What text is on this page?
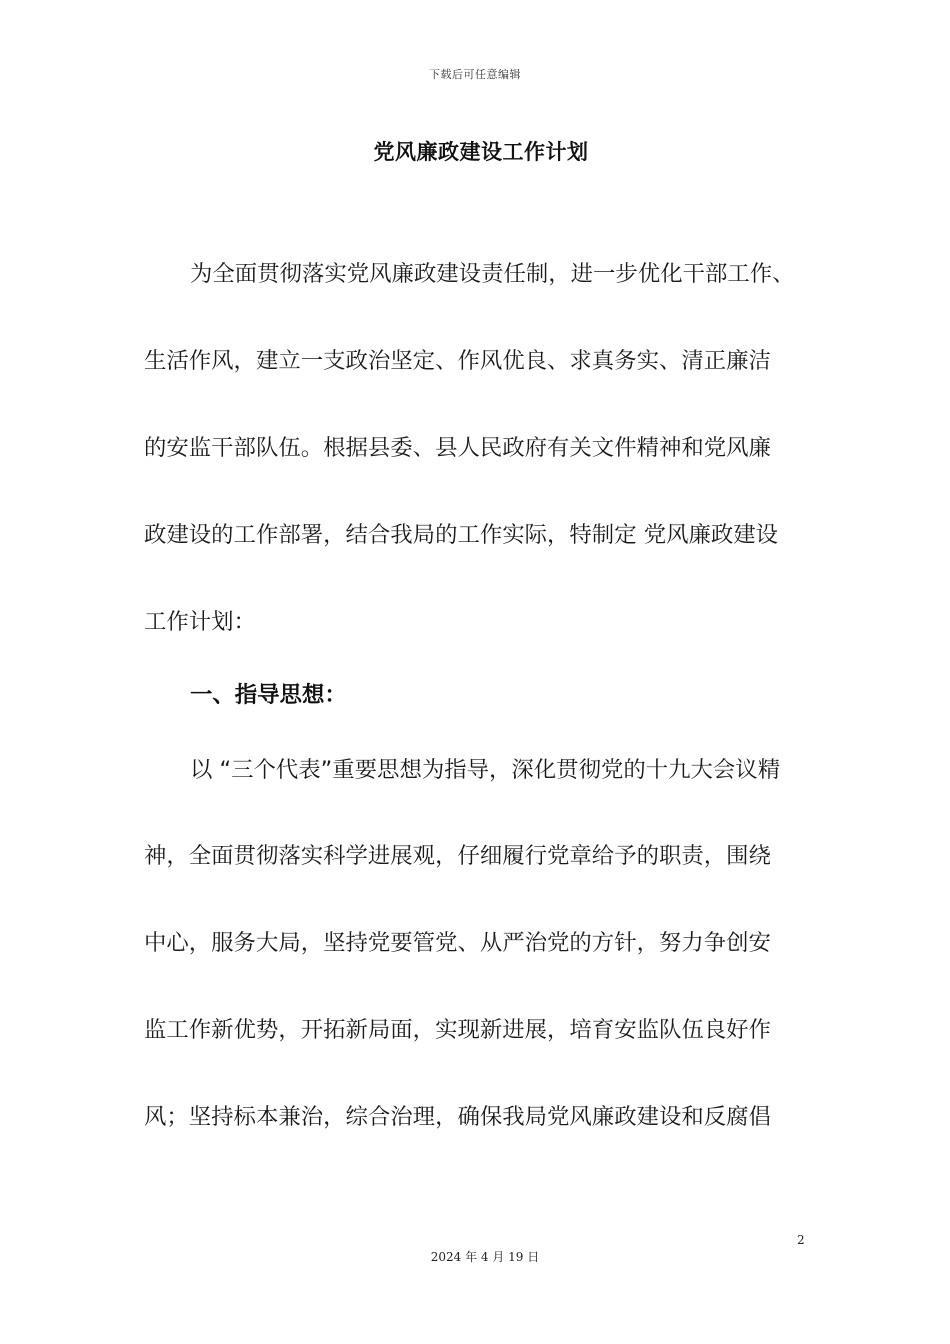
下载后可任意编辑
党风廉政建设工作计划
为全面贯彻落实党风廉政建设责任制，进一步优化干部工作、
生活作风，建立一支政治坚定、作风优良、求真务实、清正廉洁
的安监干部队伍。根据县委、县人民政府有关文件精神和党风廉
政建设的工作部署，结合我局的工作实际，特制定 党风廉政建设
工作计划：
一、指导思想：
以 “三个代表”重要思想为指导，深化贯彻党的十九大会议精
神，全面贯彻落实科学进展观，仔细履行党章给予的职责，围绕
中心，服务大局，坚持党要管党、从严治党的方针，努力争创安
监工作新优势，开拓新局面，实现新进展，培育安监队伍良好作
风；坚持标本兼治，综合治理，确保我局党风廉政建设和反腐倡
2
2024 年 4 月 19 日
